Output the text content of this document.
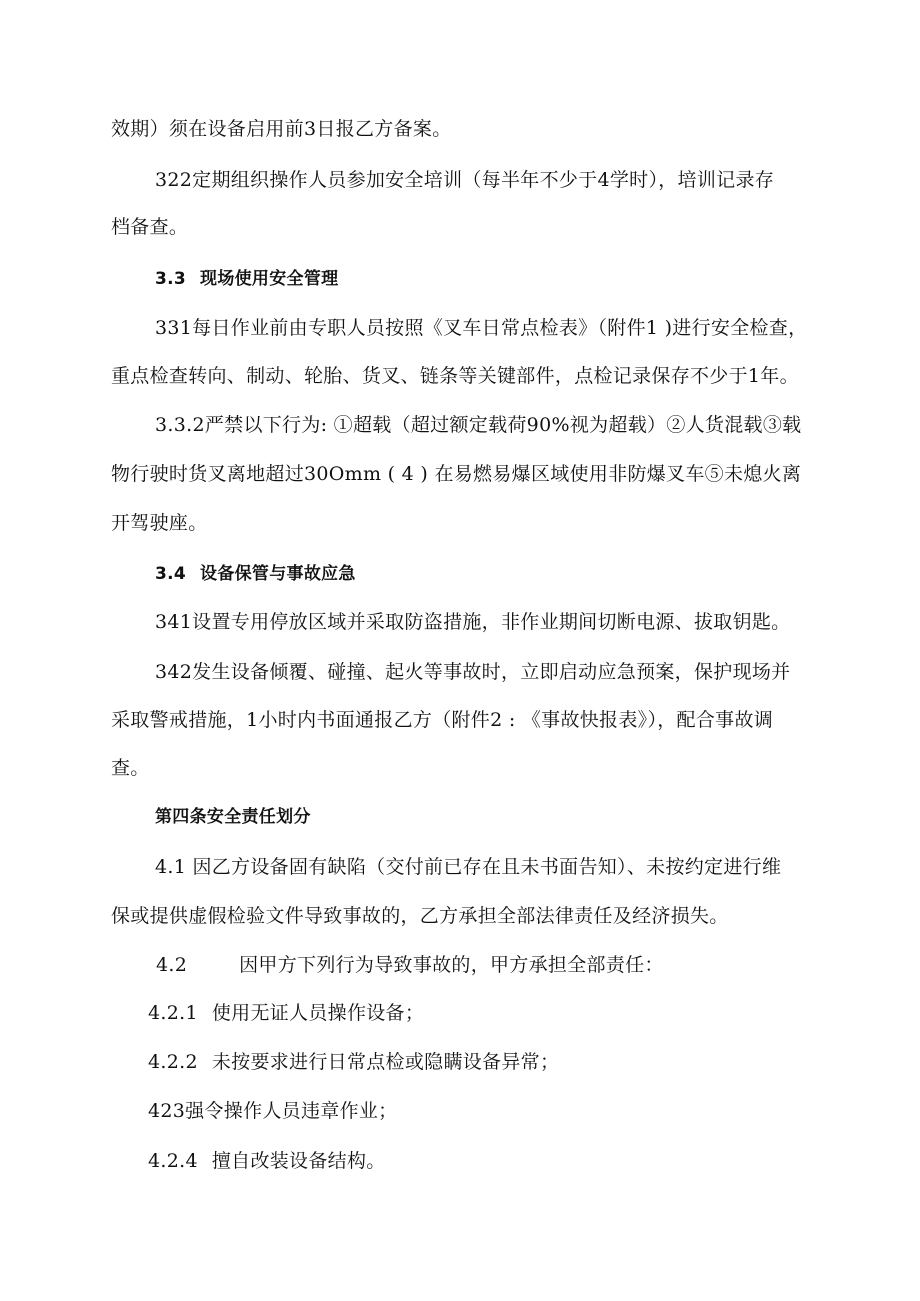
效期）须在设备启用前3日报乙方备案。
322定期组织操作人员参加安全培训（每半年不少于4学时），培训记录存
档备查。
3.3 现场使用安全管理
331每日作业前由专职人员按照《叉车日常点检表》（附件1 )进行安全检查，
重点检查转向、制动、轮胎、货叉、链条等关键部件，点检记录保存不少于1年。
3.3.2严禁以下行为: ①超载（超过额定载荷90%视为超载）②人货混载③载
物行驶时货叉离地超过30Omm ( 4 ) 在易燃易爆区域使用非防爆叉车⑤未熄火离
开驾驶座。
3.4 设备保管与事故应急
341设置专用停放区域并采取防盗措施，非作业期间切断电源、拔取钥匙。
342发生设备倾覆、碰撞、起火等事故时，立即启动应急预案，保护现场并
采取警戒措施，1小时内书面通报乙方（附件2 : 《事故快报表》），配合事故调
查。
第四条安全责任划分
4.1 因乙方设备固有缺陷（交付前已存在且未书面告知）、未按约定进行维
保或提供虚假检验文件导致事故的，乙方承担全部法律责任及经济损失。
4.2	因甲方下列行为导致事故的，甲方承担全部责任：
4.2.1 使用无证人员操作设备；
4.2.2 未按要求进行日常点检或隐瞒设备异常；
423强令操作人员违章作业；
4.2.4 擅自改装设备结构。
